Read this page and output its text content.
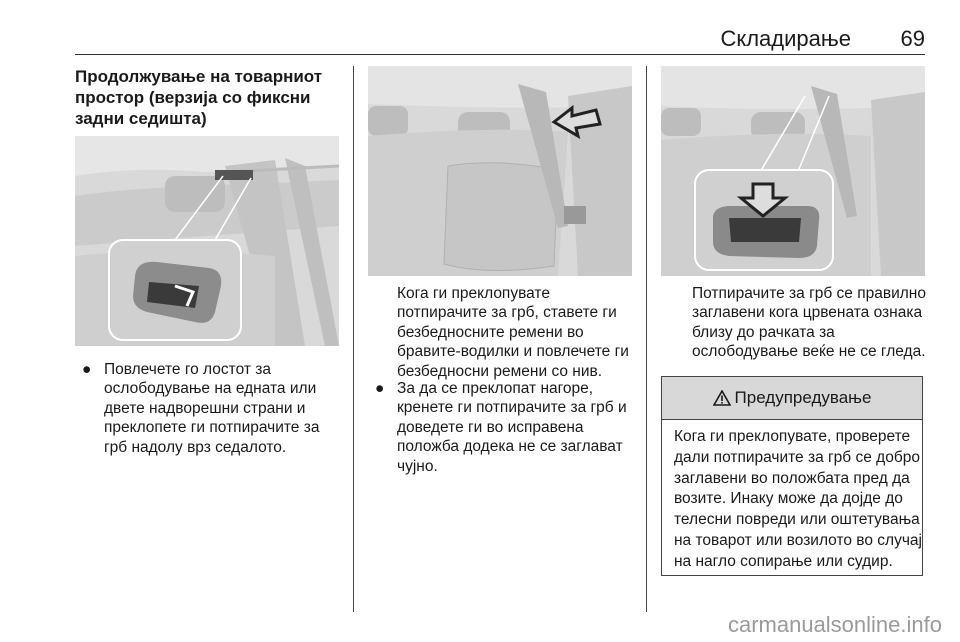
Складирање 69
Продолжување на товарниот простор (верзија со фиксни задни седишта)
● Повлечете го лостот за ослободување на едната или двете надворешни страни и преклопете ги потпирачите за грб надолу врз седалото.
Кога ги преклопувате потпирачите за грб, ставете ги безбедносните ремени во бравите-водилки и повлечете ги безбедносни ремени со нив.
● За да се преклопат нагоре, кренете ги потпирачите за грб и доведете ги во исправена положба додека не се заглават чујно.
Потпирачите за грб се правилно заглавени кога црвената ознака близу до рачката за ослободување веќе не се гледа.
Предупредување
Кога ги преклопувате, проверете дали потпирачите за грб се добро заглавени во положбата пред да возите. Инаку може да дојде до телесни повреди или оштетувања на товарот или возилото во случај на нагло сопирање или судир.
carmanualsonline.info
